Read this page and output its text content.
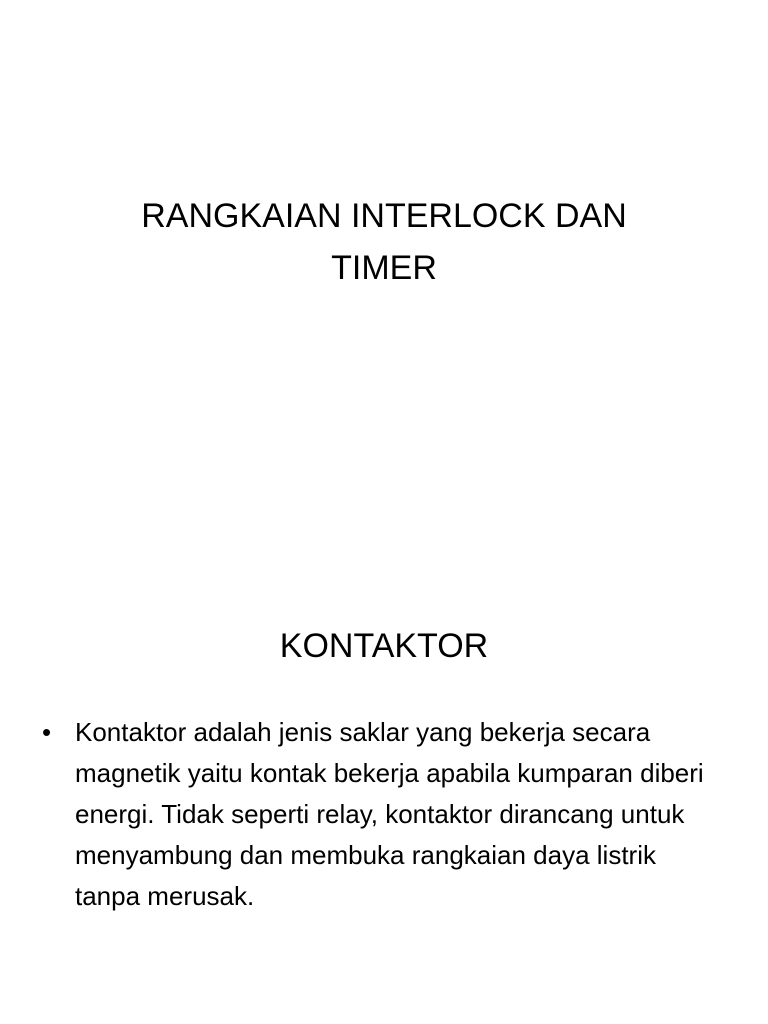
RANGKAIAN INTERLOCK DAN
TIMER
KONTAKTOR
• Kontaktor adalah jenis saklar yang bekerja secara magnetik yaitu kontak bekerja apabila kumparan diberi energi. Tidak seperti relay, kontaktor dirancang untuk menyambung dan membuka rangkaian daya listrik tanpa merusak.
